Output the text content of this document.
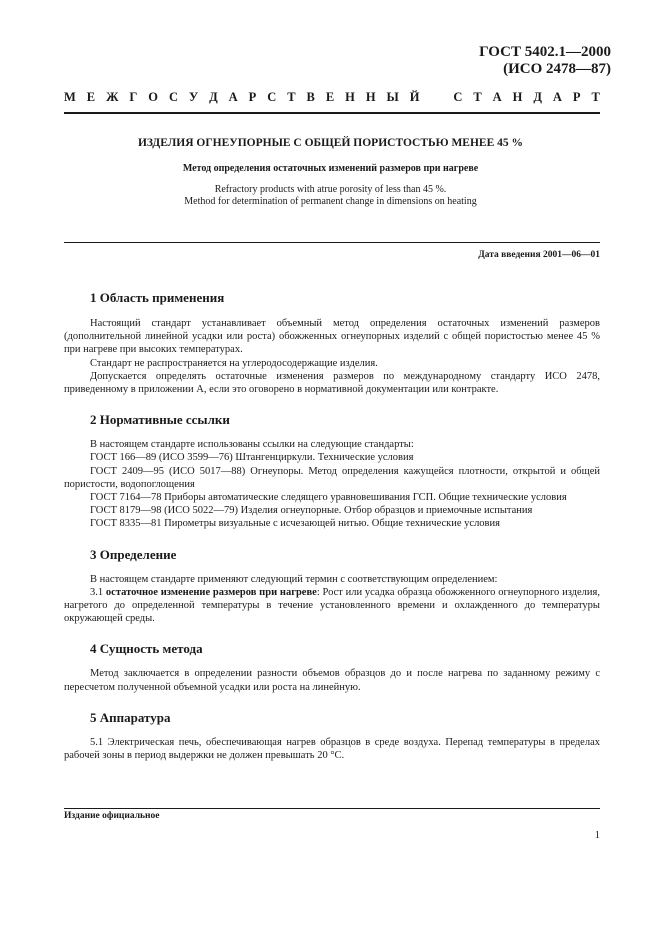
ГОСТ 5402.1—2000
(ИСО 2478—87)
М Е Ж Г О С У Д А Р С Т В Е Н Н Ы Й	С Т А Н Д А Р Т
ИЗДЕЛИЯ ОГНЕУПОРНЫЕ С ОБЩЕЙ ПОРИСТОСТЬЮ МЕНЕЕ 45 %
Метод определения остаточных изменений размеров при нагреве
Refractory products with atrue porosity of less than 45 %.
Method for determination of permanent change in dimensions on heating
Дата введения 2001—06—01
1 Область применения

Настоящий стандарт устанавливает объемный метод определения остаточных изменений размеров (дополнительной линейной усадки или роста) обожженных огнеупорных изделий с общей пористостью менее 45 % при нагреве при высоких температурах.

Стандарт не распространяется на углеродосодержащие изделия.

Допускается определять остаточные изменения размеров по международному стандарту ИСО 2478, приведенному в приложении А, если это оговорено в нормативной документации или контракте.

2 Нормативные ссылки

В настоящем стандарте использованы ссылки на следующие стандарты:

ГОСТ 166—89 (ИСО 3599—76) Штангенциркули. Технические условия

ГОСТ 2409—95 (ИСО 5017—88) Огнеупоры. Метод определения кажущейся плотности, открытой и общей пористости, водопоглощения

ГОСТ 7164—78 Приборы автоматические следящего уравновешивания ГСП. Общие технические условия

ГОСТ 8179—98 (ИСО 5022—79) Изделия огнеупорные. Отбор образцов и приемочные испытания

ГОСТ 8335—81 Пирометры визуальные с исчезающей нитью. Общие технические условия

3 Определение

В настоящем стандарте применяют следующий термин с соответствующим определением:

3.1 остаточное изменение размеров при нагреве: Рост или усадка образца обожженного огнеупорного изделия, нагретого до определенной температуры в течение установленного времени и охлажденного до температуры окружающей среды.

4 Сущность метода

Метод заключается в определении разности объемов образцов до и после нагрева по заданному режиму с пересчетом полученной объемной усадки или роста на линейную.

5 Аппаратура

5.1 Электрическая печь, обеспечивающая нагрев образцов в среде воздуха. Перепад температуры в пределах рабочей зоны в период выдержки не должен превышать 20 °С.

Издание официальное
1
